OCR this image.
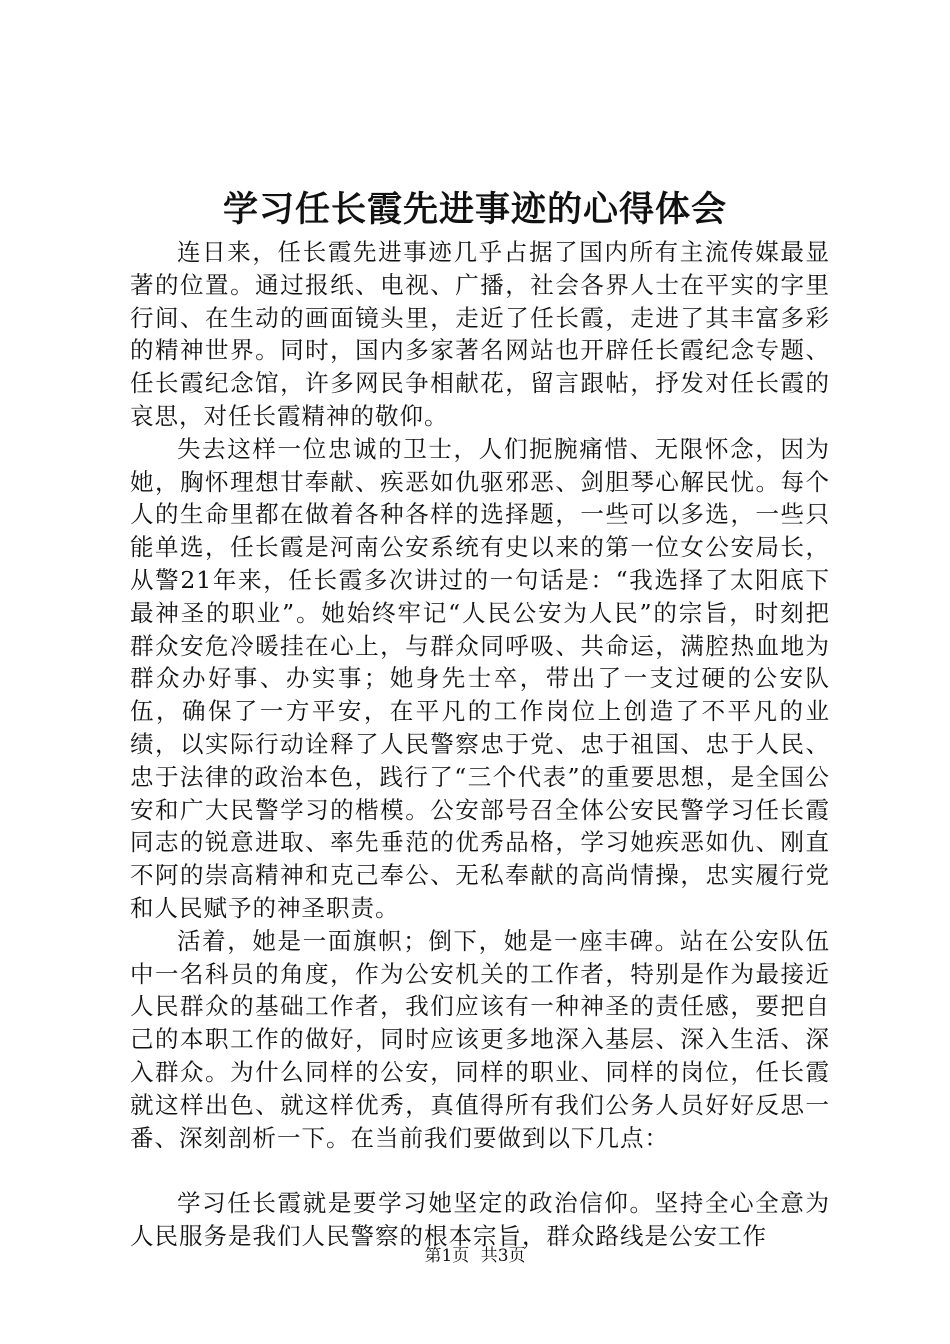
学习任长霞先进事迹的心得体会

连日来，任长霞先进事迹几乎占据了国内所有主流传媒最显著的位置。通过报纸、电视、广播，社会各界人士在平实的字里行间、在生动的画面镜头里，走近了任长霞，走进了其丰富多彩的精神世界。同时，国内多家著名网站也开辟任长霞纪念专题、任长霞纪念馆，许多网民争相献花，留言跟帖，抒发对任长霞的哀思，对任长霞精神的敬仰。

失去这样一位忠诚的卫士，人们扼腕痛惜、无限怀念，因为她，胸怀理想甘奉献、疾恶如仇驱邪恶、剑胆琴心解民忧。每个人的生命里都在做着各种各样的选择题，一些可以多选，一些只能单选，任长霞是河南公安系统有史以来的第一位女公安局长，从警21年来，任长霞多次讲过的一句话是：“我选择了太阳底下最神圣的职业”。她始终牢记“人民公安为人民”的宗旨，时刻把群众安危冷暖挂在心上，与群众同呼吸、共命运，满腔热血地为群众办好事、办实事；她身先士卒，带出了一支过硬的公安队伍，确保了一方平安，在平凡的工作岗位上创造了不平凡的业绩，以实际行动诠释了人民警察忠于党、忠于祖国、忠于人民、忠于法律的政治本色，践行了“三个代表”的重要思想，是全国公安和广大民警学习的楷模。公安部号召全体公安民警学习任长霞同志的锐意进取、率先垂范的优秀品格，学习她疾恶如仇、刚直不阿的崇高精神和克己奉公、无私奉献的高尚情操，忠实履行党和人民赋予的神圣职责。

活着，她是一面旗帜；倒下，她是一座丰碑。站在公安队伍中一名科员的角度，作为公安机关的工作者，特别是作为最接近人民群众的基础工作者，我们应该有一种神圣的责任感，要把自己的本职工作的做好，同时应该更多地深入基层、深入生活、深入群众。为什么同样的公安，同样的职业、同样的岗位，任长霞就这样出色、就这样优秀，真值得所有我们公务人员好好反思一番、深刻剖析一下。在当前我们要做到以下几点：

学习任长霞就是要学习她坚定的政治信仰。坚持全心全意为人民服务是我们人民警察的根本宗旨，群众路线是公安工作

第1页 共3页
